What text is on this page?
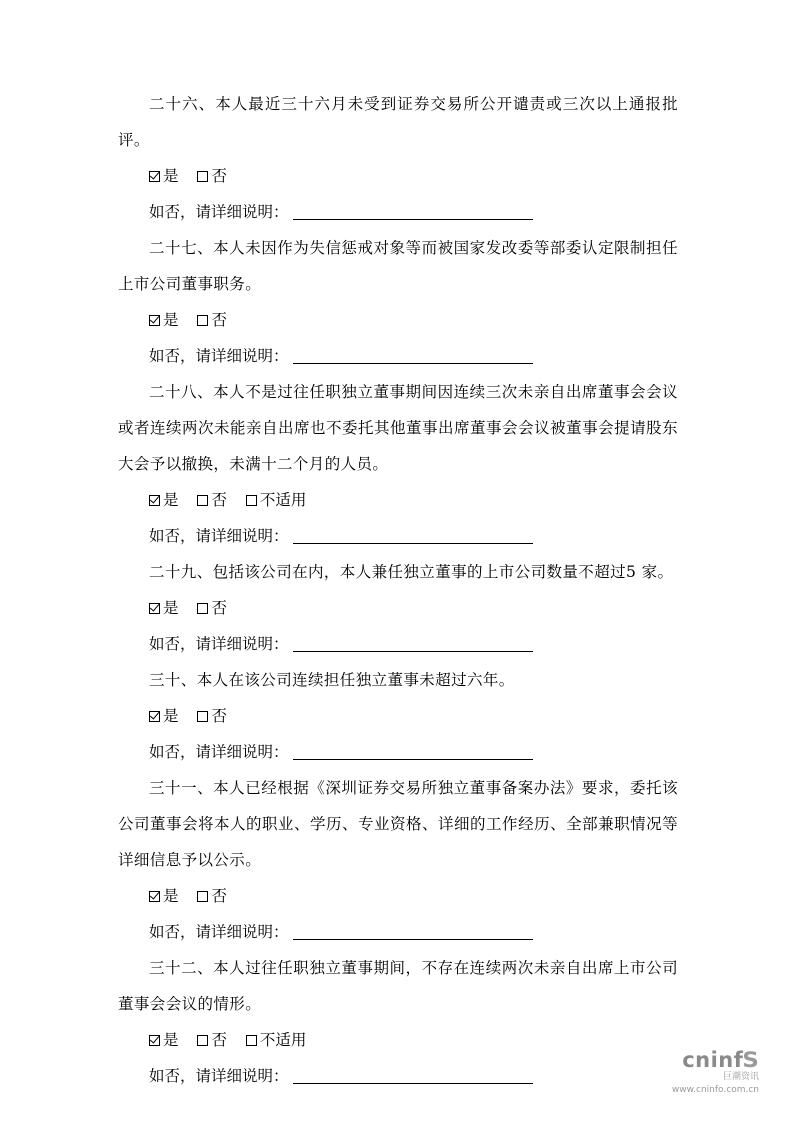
二十六、本人最近三十六月未受到证券交易所公开谴责或三次以上通报批评。

是 否
如否，请详细说明：

二十七、本人未因作为失信惩戒对象等而被国家发改委等部委认定限制担任上市公司董事职务。

是 否
如否，请详细说明：

二十八、本人不是过往任职独立董事期间因连续三次未亲自出席董事会会议或者连续两次未能亲自出席也不委托其他董事出席董事会会议被董事会提请股东大会予以撤换，未满十二个月的人员。

是 否 不适用
如否，请详细说明：

二十九、包括该公司在内，本人兼任独立董事的上市公司数量不超过5 家。

是 否
如否，请详细说明：

三十、本人在该公司连续担任独立董事未超过六年。

是 否
如否，请详细说明：

三十一、本人已经根据《深圳证券交易所独立董事备案办法》要求，委托该公司董事会将本人的职业、学历、专业资格、详细的工作经历、全部兼职情况等详细信息予以公示。

是 否
如否，请详细说明：

三十二、本人过往任职独立董事期间，不存在连续两次未亲自出席上市公司董事会会议的情形。

是 否 不适用
如否，请详细说明：
cninfS
巨潮资讯
www.cninfo.com.cn
